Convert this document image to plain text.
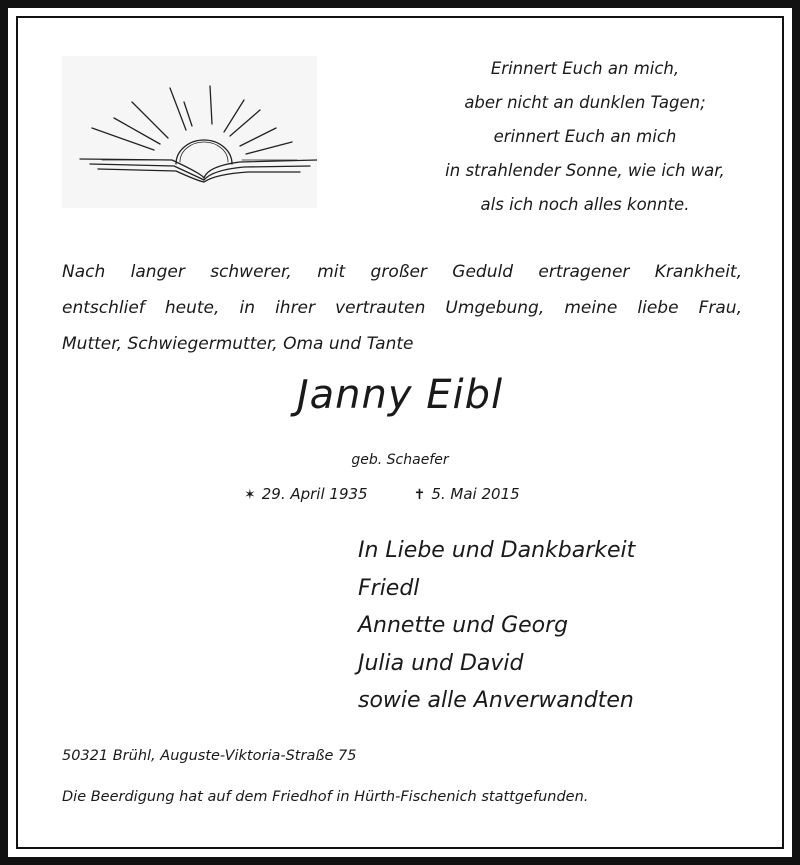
Erinnert Euch an mich,
aber nicht an dunklen Tagen;
erinnert Euch an mich
in strahlender Sonne, wie ich war,
als ich noch alles konnte.
Nach langer schwerer, mit großer Geduld ertragener Krankheit,
entschlief heute, in ihrer vertrauten Umgebung, meine liebe Frau,
Mutter, Schwiegermutter, Oma und Tante
Janny Eibl
geb. Schaefer
✶ 29. April 1935	✝ 5. Mai 2015
In Liebe und Dankbarkeit
Friedl
Annette und Georg
Julia und David
sowie alle Anverwandten
50321 Brühl, Auguste-Viktoria-Straße 75
Die Beerdigung hat auf dem Friedhof in Hürth-Fischenich stattgefunden.
